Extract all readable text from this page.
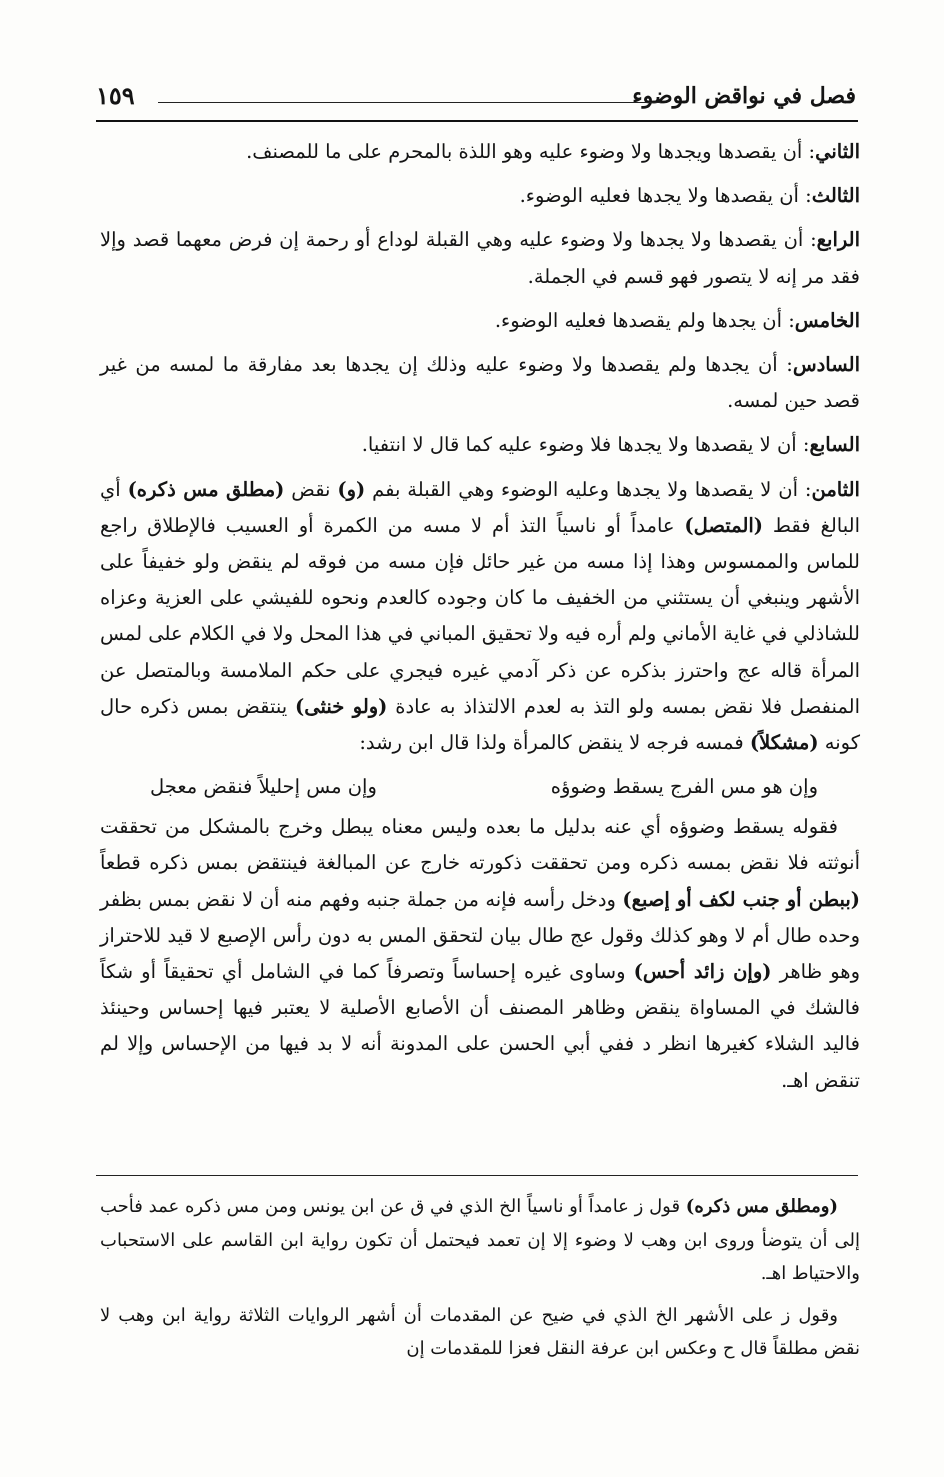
فصل في نواقض الوضوء
١٥٩

الثاني: أن يقصدها ويجدها ولا وضوء عليه وهو اللذة بالمحرم على ما للمصنف.

الثالث: أن يقصدها ولا يجدها فعليه الوضوء.

الرابع: أن يقصدها ولا يجدها ولا وضوء عليه وهي القبلة لوداع أو رحمة إن فرض معهما قصد وإلا فقد مر إنه لا يتصور فهو قسم في الجملة.

الخامس: أن يجدها ولم يقصدها فعليه الوضوء.

السادس: أن يجدها ولم يقصدها ولا وضوء عليه وذلك إن يجدها بعد مفارقة ما لمسه من غير قصد حين لمسه.

السابع: أن لا يقصدها ولا يجدها فلا وضوء عليه كما قال لا انتفيا.

الثامن: أن لا يقصدها ولا يجدها وعليه الوضوء وهي القبلة بفم (و) نقض (مطلق مس ذكره) أي البالغ فقط (المتصل) عامداً أو ناسياً التذ أم لا مسه من الكمرة أو العسيب فالإطلاق راجع للماس والممسوس وهذا إذا مسه من غير حائل فإن مسه من فوقه لم ينقض ولو خفيفاً على الأشهر وينبغي أن يستثني من الخفيف ما كان وجوده كالعدم ونحوه للفيشي على العزية وعزاه للشاذلي في غاية الأماني ولم أره فيه ولا تحقيق المباني في هذا المحل ولا في الكلام على لمس المرأة قاله عج واحترز بذكره عن ذكر آدمي غيره فيجري على حكم الملامسة وبالمتصل عن المنفصل فلا نقض بمسه ولو التذ به لعدم الالتذاذ به عادة (ولو خنثى) ينتقض بمس ذكره حال كونه (مشكلاً) فمسه فرجه لا ينقض كالمرأة ولذا قال ابن رشد:

وإن هو مس الفرج يسقط وضوؤه
وإن مس إحليلاً فنقض معجل

فقوله يسقط وضوؤه أي عنه بدليل ما بعده وليس معناه يبطل وخرج بالمشكل من تحققت أنوثته فلا نقض بمسه ذكره ومن تحققت ذكورته خارج عن المبالغة فينتقض بمس ذكره قطعاً (ببطن أو جنب لكف أو إصبع) ودخل رأسه فإنه من جملة جنبه وفهم منه أن لا نقض بمس بظفر وحده طال أم لا وهو كذلك وقول عج طال بيان لتحقق المس به دون رأس الإصبع لا قيد للاحتراز وهو ظاهر (وإن زائد أحس) وساوى غيره إحساساً وتصرفاً كما في الشامل أي تحقيقاً أو شكاً فالشك في المساواة ينقض وظاهر المصنف أن الأصابع الأصلية لا يعتبر فيها إحساس وحينئذ فاليد الشلاء كغيرها انظر د ففي أبي الحسن على المدونة أنه لا بد فيها من الإحساس وإلا لم تنقض اهـ.

(ومطلق مس ذكره) قول ز عامداً أو ناسياً الخ الذي في ق عن ابن يونس ومن مس ذكره عمد فأحب إلى أن يتوضأ وروى ابن وهب لا وضوء إلا إن تعمد فيحتمل أن تكون رواية ابن القاسم على الاستحباب والاحتياط اهـ.

وقول ز على الأشهر الخ الذي في ضيح عن المقدمات أن أشهر الروايات الثلاثة رواية ابن وهب لا نقض مطلقاً قال ح وعكس ابن عرفة النقل فعزا للمقدمات إن
